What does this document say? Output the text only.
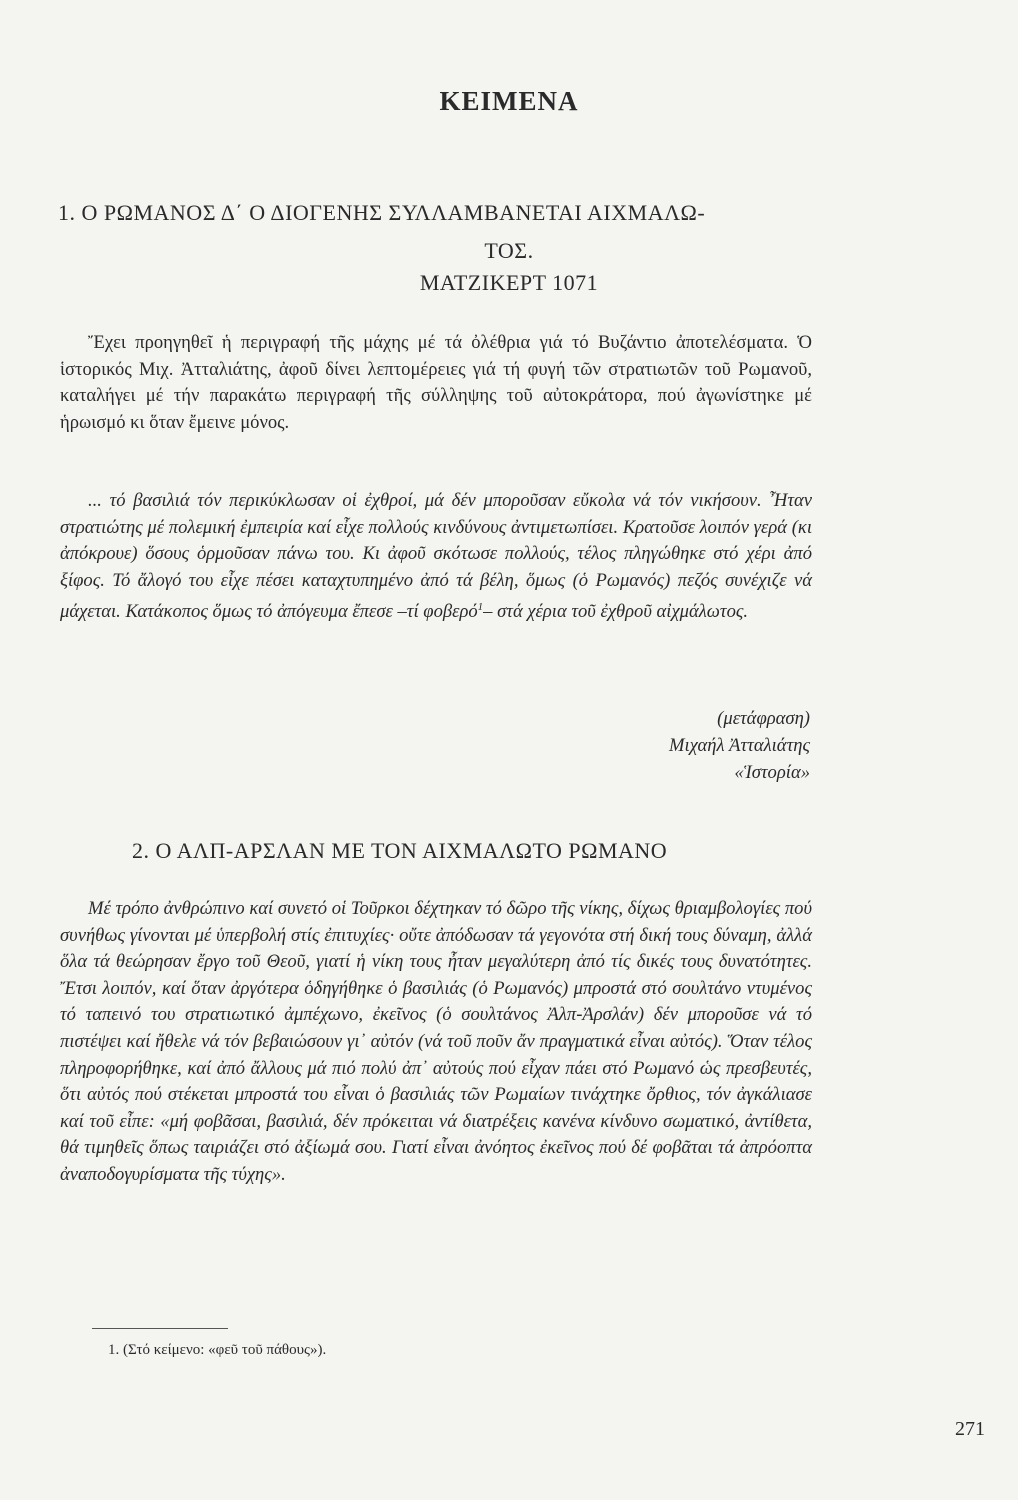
ΚΕΙΜΕΝΑ
1. Ο ΡΩΜΑΝΟΣ Δ΄ Ο ΔΙΟΓΕΝΗΣ ΣΥΛΛΑΜΒΑΝΕΤΑΙ ΑΙΧΜΑΛΩ-
ΤΟΣ.
ΜΑΤΖΙΚΕΡΤ 1071

Ἔχει προηγηθεῖ ἡ περιγραφή τῆς μάχης μέ τά ὀλέθρια γιά τό Βυζάντιο ἀποτελέσματα. Ὁ ἱστορικός Μιχ. Ἀτταλιάτης, ἀφοῦ δίνει λεπτομέρειες γιά τή φυγή τῶν στρατιωτῶν τοῦ Ρωμανοῦ, καταλήγει μέ τήν παρακάτω περιγραφή τῆς σύλληψης τοῦ αὐτοκράτορα, πού ἀγωνίστηκε μέ ἡρωισμό κι ὅταν ἔμεινε μόνος.

... τό βασιλιά τόν περικύκλωσαν οἱ ἐχθροί, μά δέν μποροῦσαν εὔκολα νά τόν νικήσουν. Ἦταν στρατιώτης μέ πολεμική ἐμπειρία καί εἶχε πολλούς κινδύνους ἀντιμετωπίσει. Κρατοῦσε λοιπόν γερά (κι ἀπόκρουε) ὅσους ὁρμοῦσαν πάνω του. Κι ἀφοῦ σκότωσε πολλούς, τέλος πληγώθηκε στό χέρι ἀπό ξίφος. Τό ἄλογό του εἶχε πέσει καταχτυπημένο ἀπό τά βέλη, ὅμως (ὁ Ρωμανός) πεζός συνέχιζε νά μάχεται. Κατάκοπος ὅμως τό ἀπόγευμα ἔπεσε –τί φοβερό$^1$– στά χέρια τοῦ ἐχθροῦ αἰχμάλωτος.

(μετάφραση)
Μιχαήλ Ἀτταλιάτης
«Ἱστορία»
2. Ο ΑΛΠ-ΑΡΣΛΑΝ ΜΕ ΤΟΝ ΑΙΧΜΑΛΩΤΟ ΡΩΜΑΝΟ

Μέ τρόπο ἀνθρώπινο καί συνετό οἱ Τοῦρκοι δέχτηκαν τό δῶρο τῆς νίκης, δίχως θριαμβολογίες πού συνήθως γίνονται μέ ὑπερβολή στίς ἐπιτυχίες· οὔτε ἀπόδωσαν τά γεγονότα στή δική τους δύναμη, ἀλλά ὅλα τά θεώρησαν ἔργο τοῦ Θεοῦ, γιατί ἡ νίκη τους ἦταν μεγαλύτερη ἀπό τίς δικές τους δυνατότητες. Ἔτσι λοιπόν, καί ὅταν ἀργότερα ὁδηγήθηκε ὁ βασιλιάς (ὁ Ρωμανός) μπροστά στό σουλτάνο ντυμένος τό ταπεινό του στρατιωτικό ἀμπέχωνο, ἐκεῖνος (ὁ σουλτάνος Ἀλπ-Ἀρσλάν) δέν μποροῦσε νά τό πιστέψει καί ἤθελε νά τόν βεβαιώσουν γι᾿ αὐτόν (νά τοῦ ποῦν ἄν πραγματικά εἶναι αὐτός). Ὅταν τέλος πληροφορήθηκε, καί ἀπό ἄλλους μά πιό πολύ ἀπ᾿ αὐτούς πού εἶχαν πάει στό Ρωμανό ὡς πρεσβευτές, ὅτι αὐτός πού στέκεται μπροστά του εἶναι ὁ βασιλιάς τῶν Ρωμαίων τινάχτηκε ὄρθιος, τόν ἀγκάλιασε καί τοῦ εἶπε: «μή φοβᾶσαι, βασιλιά, δέν πρόκειται νά διατρέξεις κανένα κίνδυνο σωματικό, ἀντίθετα, θά τιμηθεῖς ὅπως ταιριάζει στό ἀξίωμά σου. Γιατί εἶναι ἀνόητος ἐκεῖνος πού δέ φοβᾶται τά ἀπρόοπτα ἀναποδογυρίσματα τῆς τύχης».

1. (Στό κείμενο: «φεῦ τοῦ πάθους»).
271
